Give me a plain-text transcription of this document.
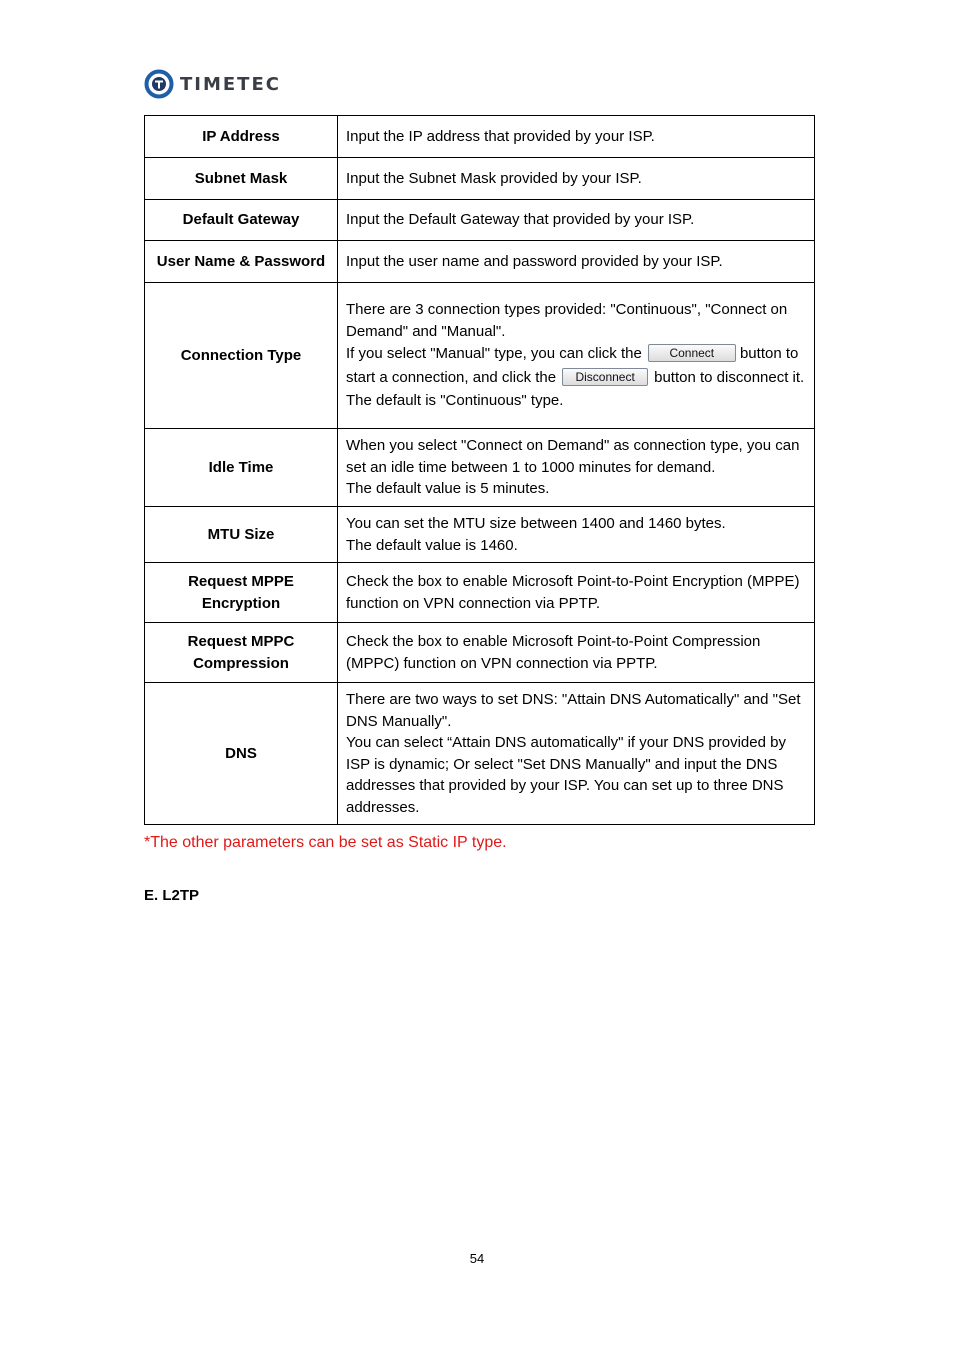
TIMETEC
IP Address	Input the IP address that provided by your ISP.
Subnet Mask	Input the Subnet Mask provided by your ISP.
Default Gateway	Input the Default Gateway that provided by your ISP.
User Name & Password	Input the user name and password provided by your ISP.
Connection Type	There are 3 connection types provided: "Continuous", "Connect on Demand" and "Manual".
If you select "Manual" type, you can click the Connect button to start a connection, and click the Disconnect button to disconnect it.
The default is "Continuous" type.

Idle Time	When you select "Connect on Demand" as connection type, you can set an idle time between 1 to 1000 minutes for demand.
The default value is 5 minutes.

MTU Size	You can set the MTU size between 1400 and 1460 bytes.
The default value is 1460.

Request MPPE
Encryption	Check the box to enable Microsoft Point-to-Point Encryption (MPPE) function on VPN connection via PPTP.

Request MPPC
Compression	Check the box to enable Microsoft Point-to-Point Compression (MPPC) function on VPN connection via PPTP.
DNS	There are two ways to set DNS: "Attain DNS Automatically" and "Set DNS Manually".
You can select “Attain DNS automatically" if your DNS provided by ISP is dynamic; Or select "Set DNS Manually" and input the DNS addresses that provided by your ISP. You can set up to three DNS addresses.
*The other parameters can be set as Static IP type.
E. L2TP
54
